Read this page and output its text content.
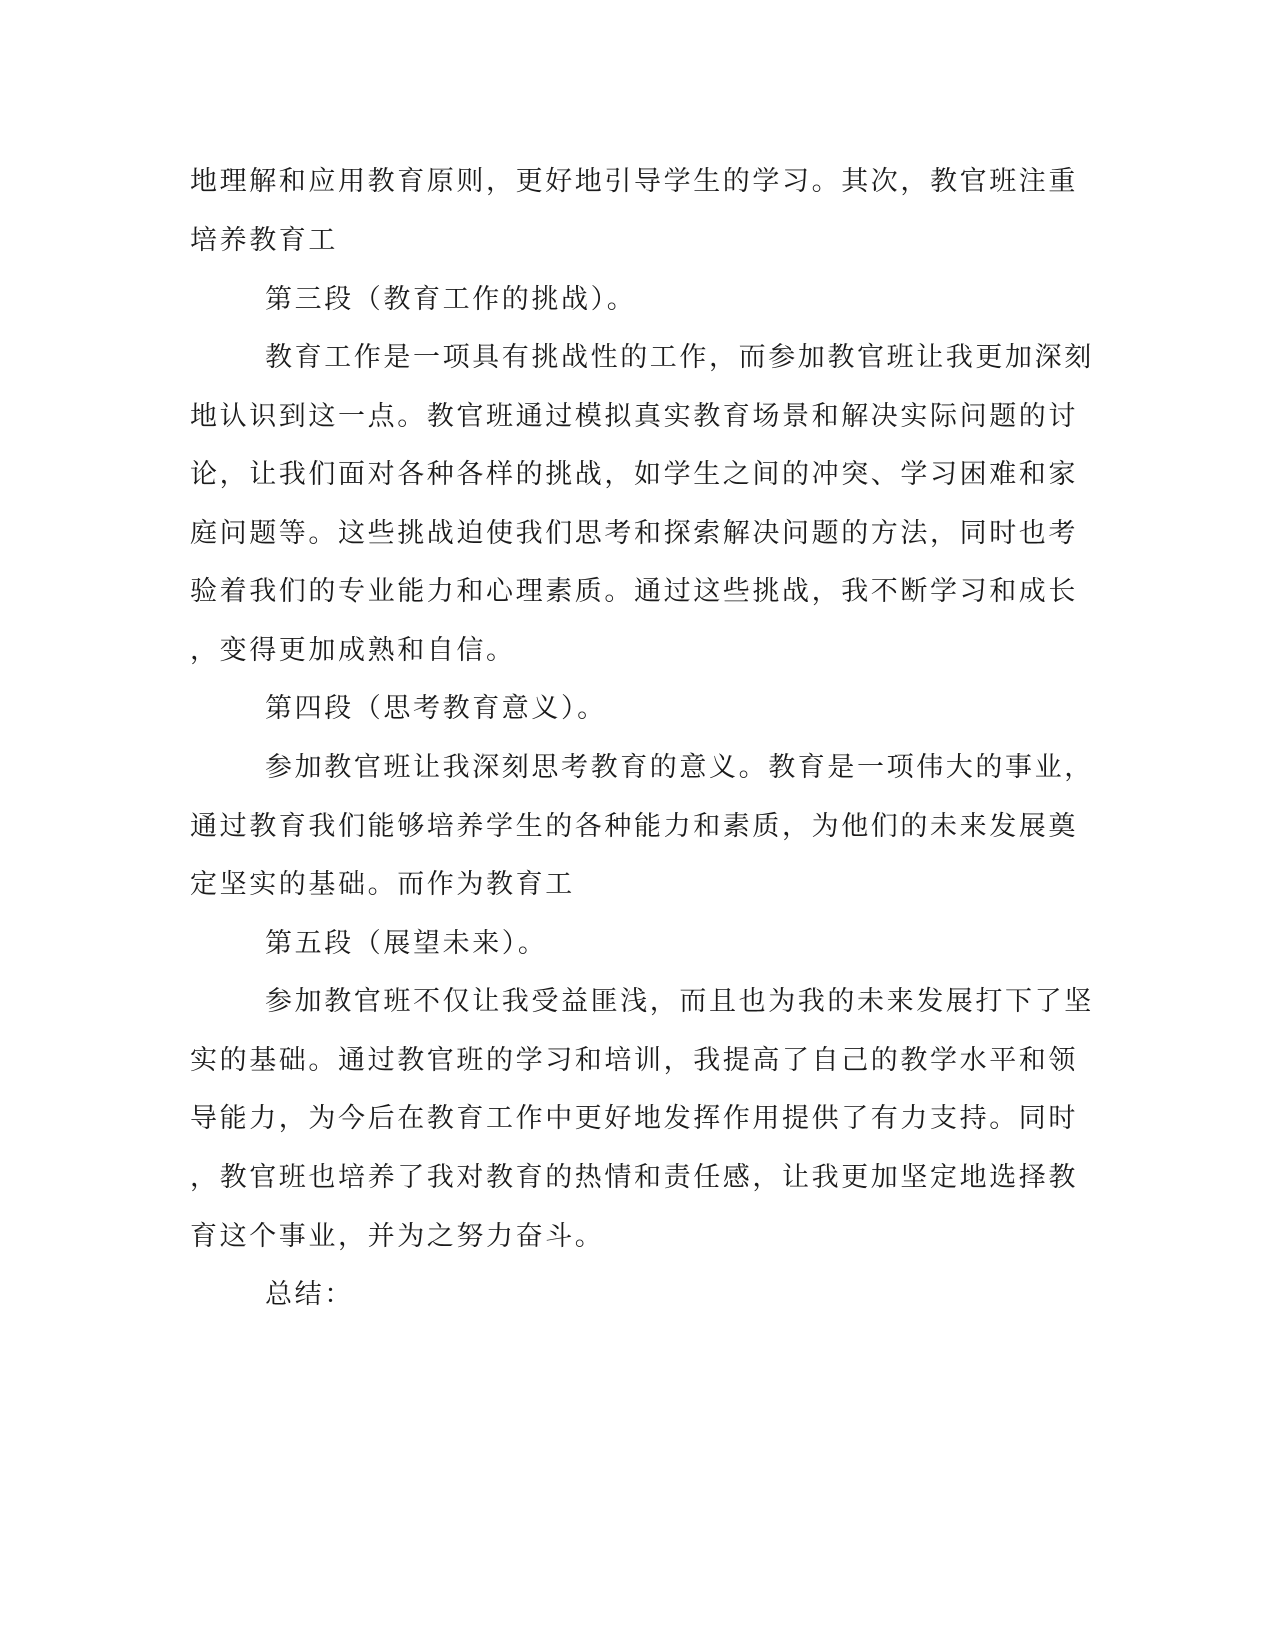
地理解和应用教育原则，更好地引导学生的学习。其次，教官班注重
培养教育工
第三段（教育工作的挑战）。
教育工作是一项具有挑战性的工作，而参加教官班让我更加深刻
地认识到这一点。教官班通过模拟真实教育场景和解决实际问题的讨
论，让我们面对各种各样的挑战，如学生之间的冲突、学习困难和家
庭问题等。这些挑战迫使我们思考和探索解决问题的方法，同时也考
验着我们的专业能力和心理素质。通过这些挑战，我不断学习和成长
，变得更加成熟和自信。
第四段（思考教育意义）。
参加教官班让我深刻思考教育的意义。教育是一项伟大的事业，
通过教育我们能够培养学生的各种能力和素质，为他们的未来发展奠
定坚实的基础。而作为教育工
第五段（展望未来）。
参加教官班不仅让我受益匪浅，而且也为我的未来发展打下了坚
实的基础。通过教官班的学习和培训，我提高了自己的教学水平和领
导能力，为今后在教育工作中更好地发挥作用提供了有力支持。同时
，教官班也培养了我对教育的热情和责任感，让我更加坚定地选择教
育这个事业，并为之努力奋斗。
总结：
